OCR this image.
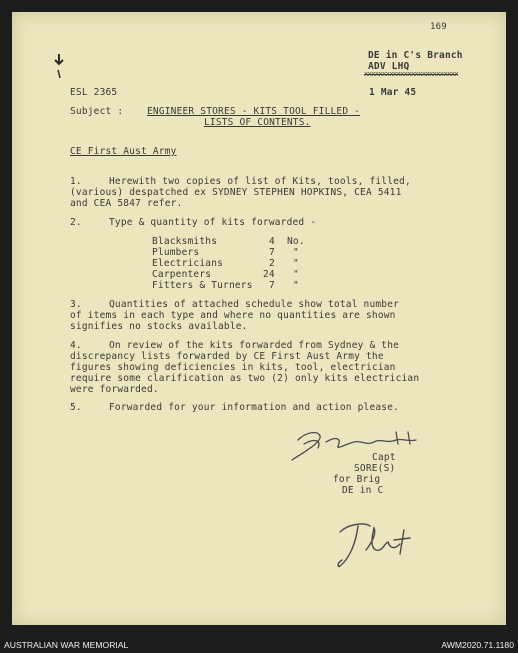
169
DE in C's Branch
ADV LHQ
xxxxxxxxxxxxxxxxxxxxxxxxxx
ESL 2365	1 Mar 45
Subject : ENGINEER STORES - KITS TOOL FILLED -
LISTS OF CONTENTS.
CE First Aust Army
1.	Herewith two copies of list of Kits, tools, filled,
(various) despatched ex SYDNEY STEPHEN HOPKINS, CEA 5411
and CEA 5847 refer.
2.	Type & quantity of kits forwarded -
Blacksmiths	4 No.
Plumbers	7 "
Electricians	2 "
Carpenters	24 "
Fitters & Turners 7 "
3.	Quantities of attached schedule show total number
of items in each type and where no quantities are shown
signifies no stocks available.
4.	On review of the kits forwarded from Sydney & the
discrepancy lists forwarded by CE First Aust Army the
figures showing deficiencies in kits, tool, electrician
require some clarification as two (2) only kits electrician
were forwarded.
5.	Forwarded for your information and action please.
Capt
SORE(S)
for Brig
DE in C
AUSTRALIAN WAR MEMORIAL	AWM2020.71.1180
